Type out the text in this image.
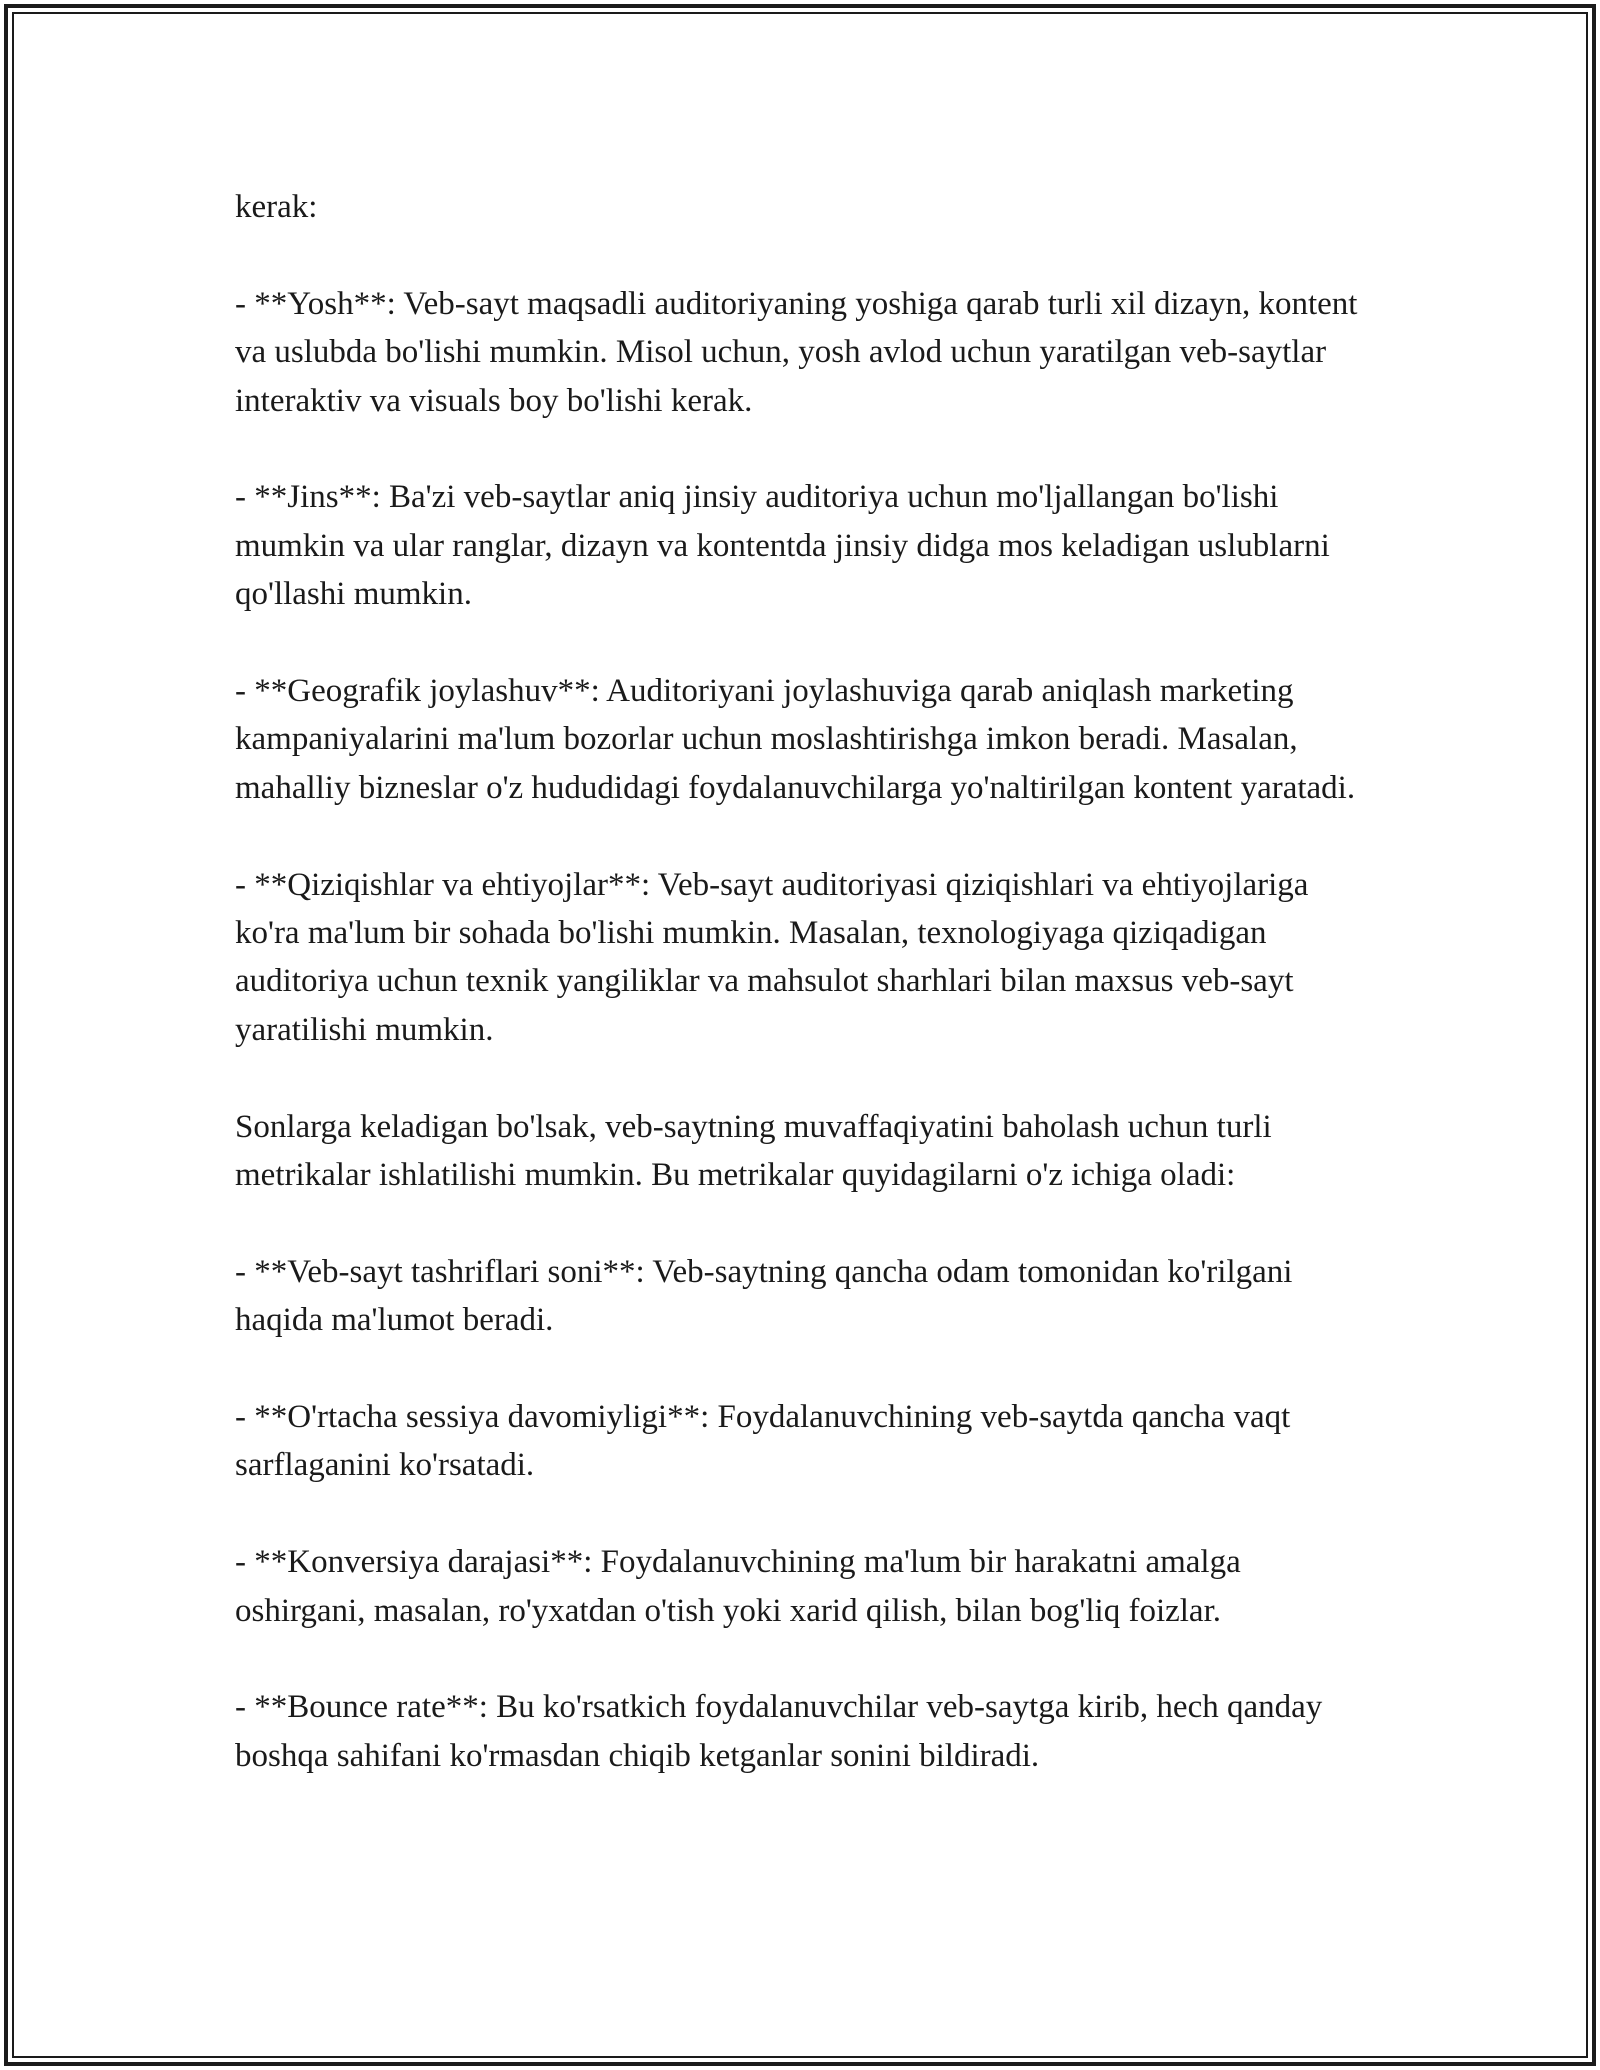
kerak:

- **Yosh**: Veb-sayt maqsadli auditoriyaning yoshiga qarab turli xil dizayn, kontent va uslubda bo'lishi mumkin. Misol uchun, yosh avlod uchun yaratilgan veb-saytlar interaktiv va visuals boy bo'lishi kerak.

- **Jins**: Ba'zi veb-saytlar aniq jinsiy auditoriya uchun mo'ljallangan bo'lishi mumkin va ular ranglar, dizayn va kontentda jinsiy didga mos keladigan uslublarni qo'llashi mumkin.

- **Geografik joylashuv**: Auditoriyani joylashuviga qarab aniqlash marketing kampaniyalarini ma'lum bozorlar uchun moslashtirishga imkon beradi. Masalan, mahalliy bizneslar o'z hududidagi foydalanuvchilarga yo'naltirilgan kontent yaratadi.

- **Qiziqishlar va ehtiyojlar**: Veb-sayt auditoriyasi qiziqishlari va ehtiyojlariga ko'ra ma'lum bir sohada bo'lishi mumkin. Masalan, texnologiyaga qiziqadigan auditoriya uchun texnik yangiliklar va mahsulot sharhlari bilan maxsus veb-sayt yaratilishi mumkin.

Sonlarga keladigan bo'lsak, veb-saytning muvaffaqiyatini baholash uchun turli metrikalar ishlatilishi mumkin. Bu metrikalar quyidagilarni o'z ichiga oladi:

- **Veb-sayt tashriflari soni**: Veb-saytning qancha odam tomonidan ko'rilgani haqida ma'lumot beradi.

- **O'rtacha sessiya davomiyligi**: Foydalanuvchining veb-saytda qancha vaqt sarflaganini ko'rsatadi.

- **Konversiya darajasi**: Foydalanuvchining ma'lum bir harakatni amalga oshirgani, masalan, ro'yxatdan o'tish yoki xarid qilish, bilan bog'liq foizlar.

- **Bounce rate**: Bu ko'rsatkich foydalanuvchilar veb-saytga kirib, hech qanday boshqa sahifani ko'rmasdan chiqib ketganlar sonini bildiradi.
